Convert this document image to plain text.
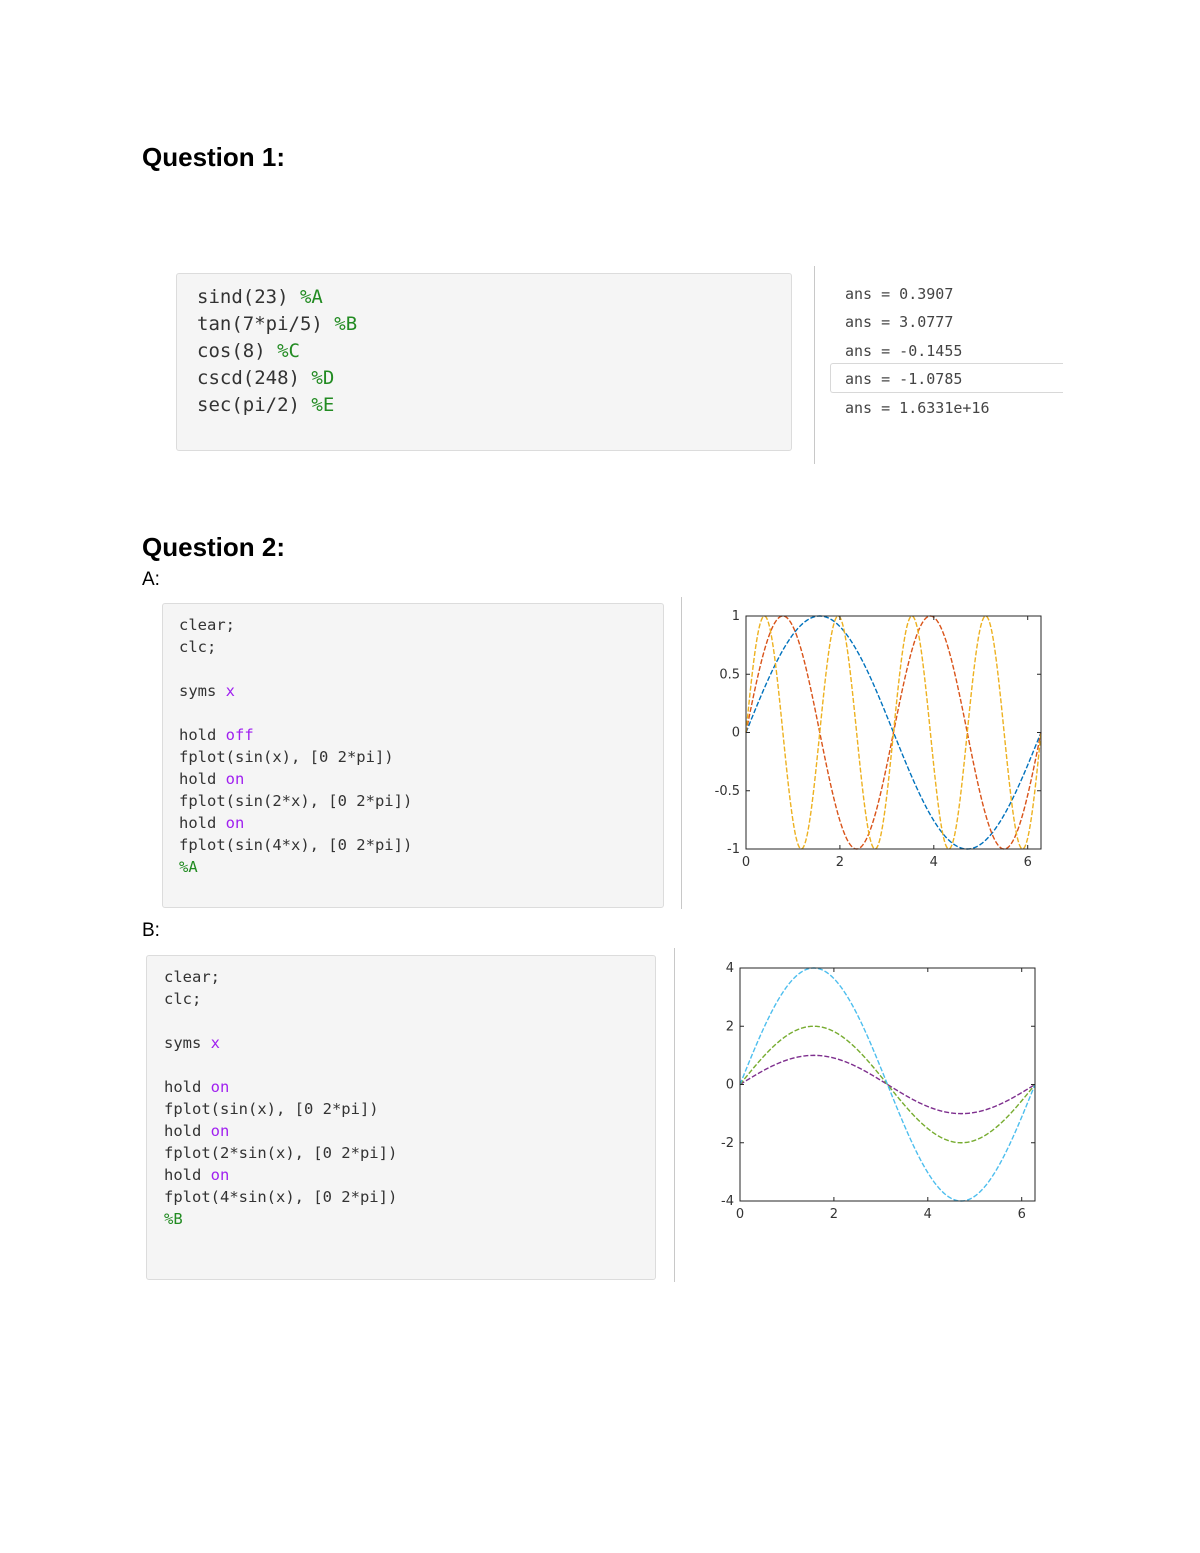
Question 1:
sind(23) %A
tan(7*pi/5) %B
cos(8) %C
cscd(248) %D
sec(pi/2) %E
ans = 0.3907
ans = 3.0777
ans = -0.1455
ans = -1.0785
ans = 1.6331e+16
Question 2:
A:
clear;
clc;

syms x

hold off
fplot(sin(x), [0 2*pi])
hold on
fplot(sin(2*x), [0 2*pi])
hold on
fplot(sin(4*x), [0 2*pi])
%A	0	2	4	6
1
0.5
0
-0.5
-1
B:
clear;
clc;

syms x

hold on
fplot(sin(x), [0 2*pi])
hold on
fplot(2*sin(x), [0 2*pi])
hold on
fplot(4*sin(x), [0 2*pi])
%B	0	2	4	6
4
2
0
-2
-4
